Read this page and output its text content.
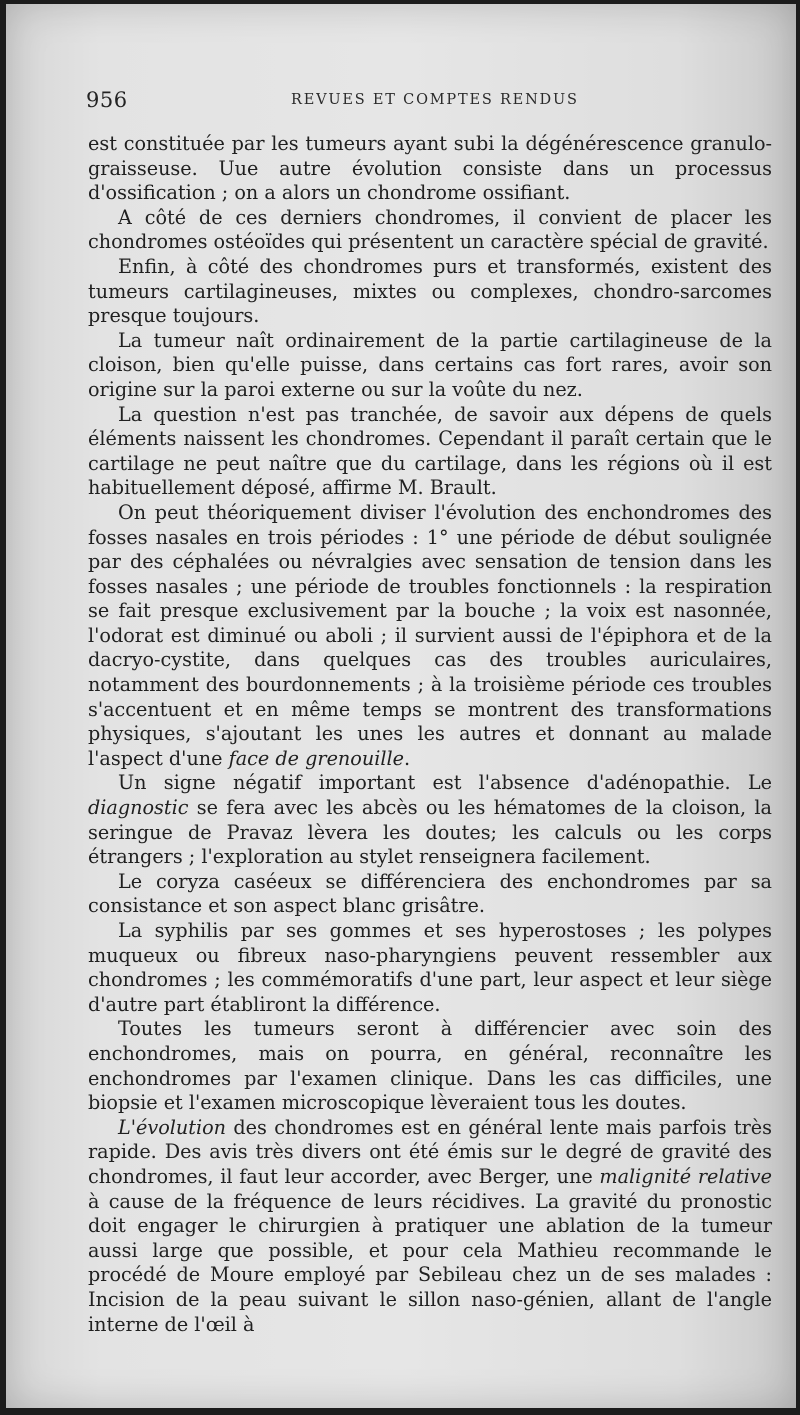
956	REVUES ET COMPTES RENDUS

est constituée par les tumeurs ayant subi la dégénérescence granulo-graisseuse. Uue autre évolution consiste dans un processus d'ossification ; on a alors un chondrome ossifiant.

A côté de ces derniers chondromes, il convient de placer les chondromes ostéoïdes qui présentent un caractère spécial de gravité.

Enfin, à côté des chondromes purs et transformés, existent des tumeurs cartilagineuses, mixtes ou complexes, chondro-sarcomes presque toujours.

La tumeur naît ordinairement de la partie cartilagineuse de la cloison, bien qu'elle puisse, dans certains cas fort rares, avoir son origine sur la paroi externe ou sur la voûte du nez.

La question n'est pas tranchée, de savoir aux dépens de quels éléments naissent les chondromes. Cependant il paraît certain que le cartilage ne peut naître que du cartilage, dans les régions où il est habituellement déposé, affirme M. Brault.

On peut théoriquement diviser l'évolution des enchondromes des fosses nasales en trois périodes : 1° une période de début soulignée par des céphalées ou névralgies avec sensation de tension dans les fosses nasales ; une période de troubles fonctionnels : la respiration se fait presque exclusivement par la bouche ; la voix est nasonnée, l'odorat est diminué ou aboli ; il survient aussi de l'épiphora et de la dacryo-cystite, dans quelques cas des troubles auriculaires, notamment des bourdonnements ; à la troisième période ces troubles s'accentuent et en même temps se montrent des transformations physiques, s'ajoutant les unes les autres et donnant au malade l'aspect d'une face de grenouille.

Un signe négatif important est l'absence d'adénopathie. Le diagnostic se fera avec les abcès ou les hématomes de la cloison, la seringue de Pravaz lèvera les doutes; les calculs ou les corps étrangers ; l'exploration au stylet renseignera facilement.

Le coryza caséeux se différenciera des enchondromes par sa consistance et son aspect blanc grisâtre.

La syphilis par ses gommes et ses hyperostoses ; les polypes muqueux ou fibreux naso-pharyngiens peuvent ressembler aux chondromes ; les commémoratifs d'une part, leur aspect et leur siège d'autre part établiront la différence.

Toutes les tumeurs seront à différencier avec soin des enchondromes, mais on pourra, en général, reconnaître les enchondromes par l'examen clinique. Dans les cas difficiles, une biopsie et l'examen microscopique lèveraient tous les doutes.

L'évolution des chondromes est en général lente mais parfois très rapide. Des avis très divers ont été émis sur le degré de gravité des chondromes, il faut leur accorder, avec Berger, une malignité relative à cause de la fréquence de leurs récidives. La gravité du pronostic doit engager le chirurgien à pratiquer une ablation de la tumeur aussi large que possible, et pour cela Mathieu recommande le procédé de Moure employé par Sebileau chez un de ses malades : Incision de la peau suivant le sillon naso-génien, allant de l'angle interne de l'œil à
